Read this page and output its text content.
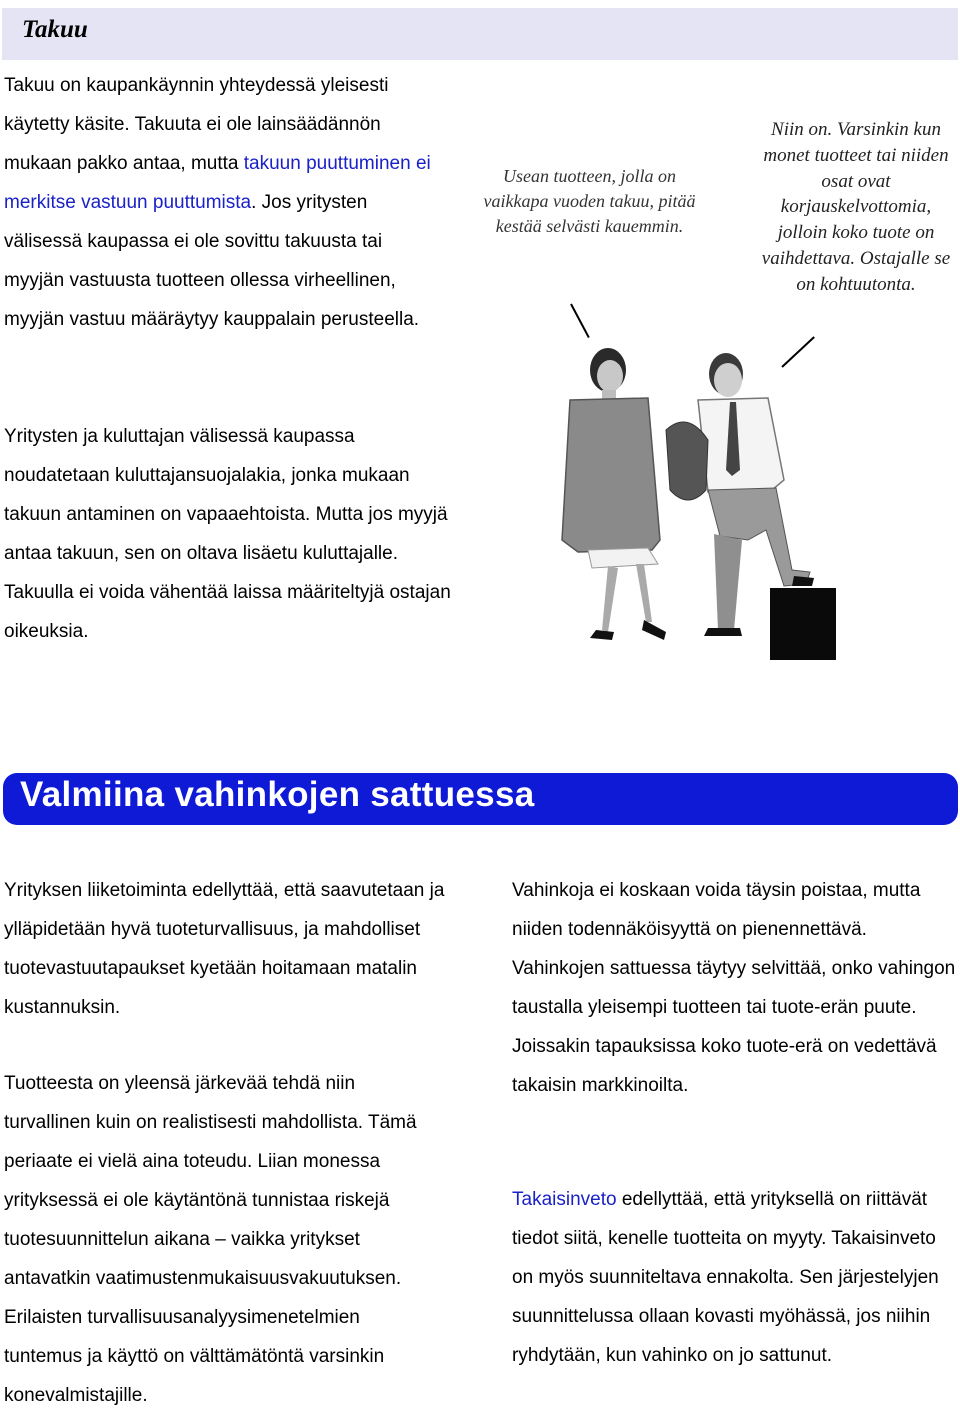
Takuu

Takuu on kaupankäynnin yhteydessä yleisesti käytetty käsite. Takuuta ei ole lainsäädännön mukaan pakko antaa, mutta takuun puuttuminen ei merkitse vastuun puuttumista. Jos yritysten välisessä kaupassa ei ole sovittu takuusta tai myyjän vastuusta tuotteen ollessa virheellinen, myyjän vastuu määräytyy kauppalain perusteella.

Yritysten ja kuluttajan välisessä kaupassa noudatetaan kuluttajansuojalakia, jonka mukaan takuun antaminen on vapaaehtoista. Mutta jos myyjä antaa takuun, sen on oltava lisäetu kuluttajalle. Takuulla ei voida vähentää laissa määriteltyjä ostajan oikeuksia.

Usean tuotteen, jolla on vaikkapa vuoden takuu, pitää kestää selvästi kauemmin.

Niin on. Varsinkin kun monet tuotteet tai niiden osat ovat korjauskelvottomia, jolloin koko tuote on vaihdettava. Ostajalle se on kohtuutonta.

Valmiina vahinkojen sattuessa

Yrityksen liiketoiminta edellyttää, että saavutetaan ja ylläpidetään hyvä tuoteturvallisuus, ja mahdolliset tuotevastuutapaukset kyetään hoitamaan matalin kustannuksin.

Tuotteesta on yleensä järkevää tehdä niin turvallinen kuin on realistisesti mahdollista. Tämä periaate ei vielä aina toteudu. Liian monessa yrityksessä ei ole käytäntönä tunnistaa riskejä tuotesuunnittelun aikana – vaikka yritykset antavatkin vaatimustenmukaisuusvakuutuksen. Erilaisten turvallisuusanalyysimenetelmien tuntemus ja käyttö on välttämätöntä varsinkin konevalmistajille.

Vahinkoja ei koskaan voida täysin poistaa, mutta niiden todennäköisyyttä on pienennettävä. Vahinkojen sattuessa täytyy selvittää, onko vahingon taustalla yleisempi tuotteen tai tuote-erän puute. Joissakin tapauksissa koko tuote-erä on vedettävä takaisin markkinoilta.

Takaisinveto edellyttää, että yrityksellä on riittävät tiedot siitä, kenelle tuotteita on myyty. Takaisinveto on myös suunniteltava ennakolta. Sen järjestelyjen suunnittelussa ollaan kovasti myöhässä, jos niihin ryhdytään, kun vahinko on jo sattunut.
